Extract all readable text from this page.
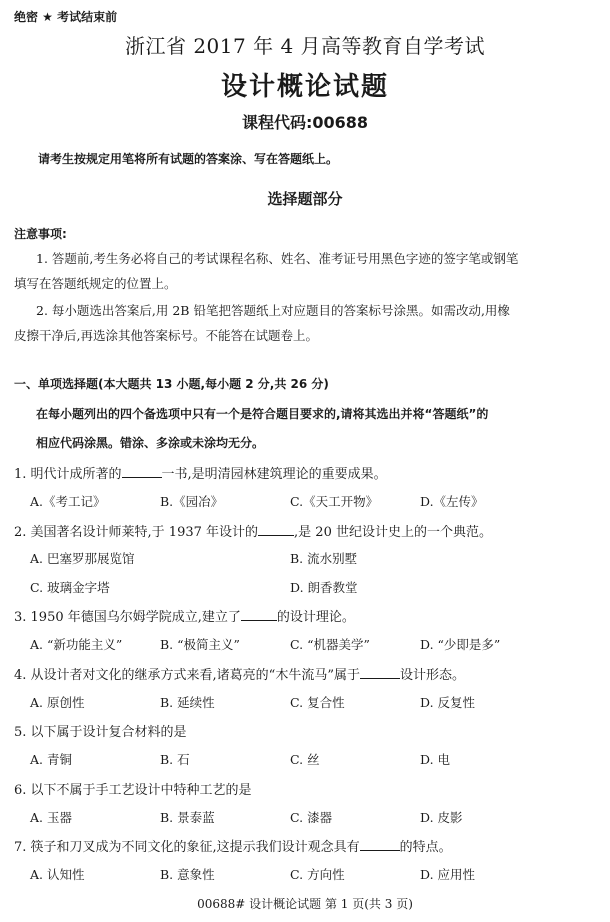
绝密 ★ 考试结束前
浙江省 2017 年 4 月高等教育自学考试
设计概论试题
课程代码:00688
请考生按规定用笔将所有试题的答案涂、写在答题纸上。
选择题部分
注意事项:
1. 答题前,考生务必将自己的考试课程名称、姓名、准考证号用黑色字迹的签字笔或钢笔
填写在答题纸规定的位置上。
2. 每小题选出答案后,用 2B 铅笔把答题纸上对应题目的答案标号涂黑。如需改动,用橡
皮擦干净后,再选涂其他答案标号。不能答在试题卷上。
一、单项选择题(本大题共 13 小题,每小题 2 分,共 26 分)
在每小题列出的四个备选项中只有一个是符合题目要求的,请将其选出并将“答题纸”的
相应代码涂黑。错涂、多涂或未涂均无分。
1. 明代计成所著的	一书,是明清园林建筑理论的重要成果。
A.《考工记》	B.《园冶》	C.《天工开物》	D.《左传》
2. 美国著名设计师莱特,于 1937 年设计的	,是 20 世纪设计史上的一个典范。
A. 巴塞罗那展览馆	B. 流水别墅
C. 玻璃金字塔	D. 朗香教堂
3. 1950 年德国乌尔姆学院成立,建立了	的设计理论。
A. “新功能主义”	B. “极简主义”	C. “机器美学”	D. “少即是多”
4. 从设计者对文化的继承方式来看,诸葛亮的“木牛流马”属于	设计形态。
A. 原创性	B. 延续性	C. 复合性	D. 反复性
5. 以下属于设计复合材料的是
A. 青铜	B. 石	C. 丝	D. 电
6. 以下不属于手工艺设计中特种工艺的是
A. 玉器	B. 景泰蓝	C. 漆器	D. 皮影
7. 筷子和刀叉成为不同文化的象征,这提示我们设计观念具有	的特点。
A. 认知性	B. 意象性	C. 方向性	D. 应用性
00688# 设计概论试题 第 1 页(共 3 页)
